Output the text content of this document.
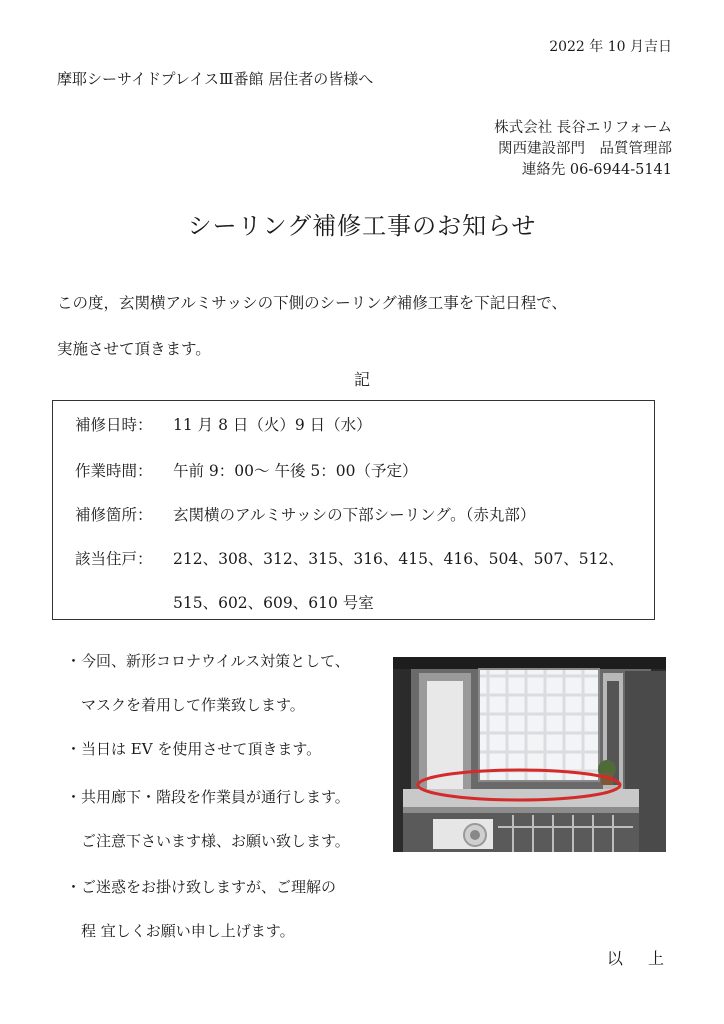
2022 年 10 月吉日
摩耶シーサイドプレイスⅢ番館 居住者の皆様へ
株式会社 長谷エリフォーム
関西建設部門　品質管理部
連絡先 06-6944-5141
シーリング補修工事のお知らせ
この度，玄関横アルミサッシの下側のシーリング補修工事を下記日程で、
実施させて頂きます。
記
補修日時： 11 月 8 日（火）9 日（水）
作業時間： 午前 9：00～ 午後 5：00（予定）
補修箇所： 玄関横のアルミサッシの下部シーリング。（赤丸部）
該当住戸： 212、308、312、315、316、415、416、504、507、512、
515、602、609、610 号室
・今回、新形コロナウイルス対策として、
　マスクを着用して作業致します。
・当日は EV を使用させて頂きます。
・共用廊下・階段を作業員が通行します。
　ご注意下さいます様、お願い致します。
・ご迷惑をお掛け致しますが、ご理解の
　程 宜しくお願い申し上げます。
以 上
